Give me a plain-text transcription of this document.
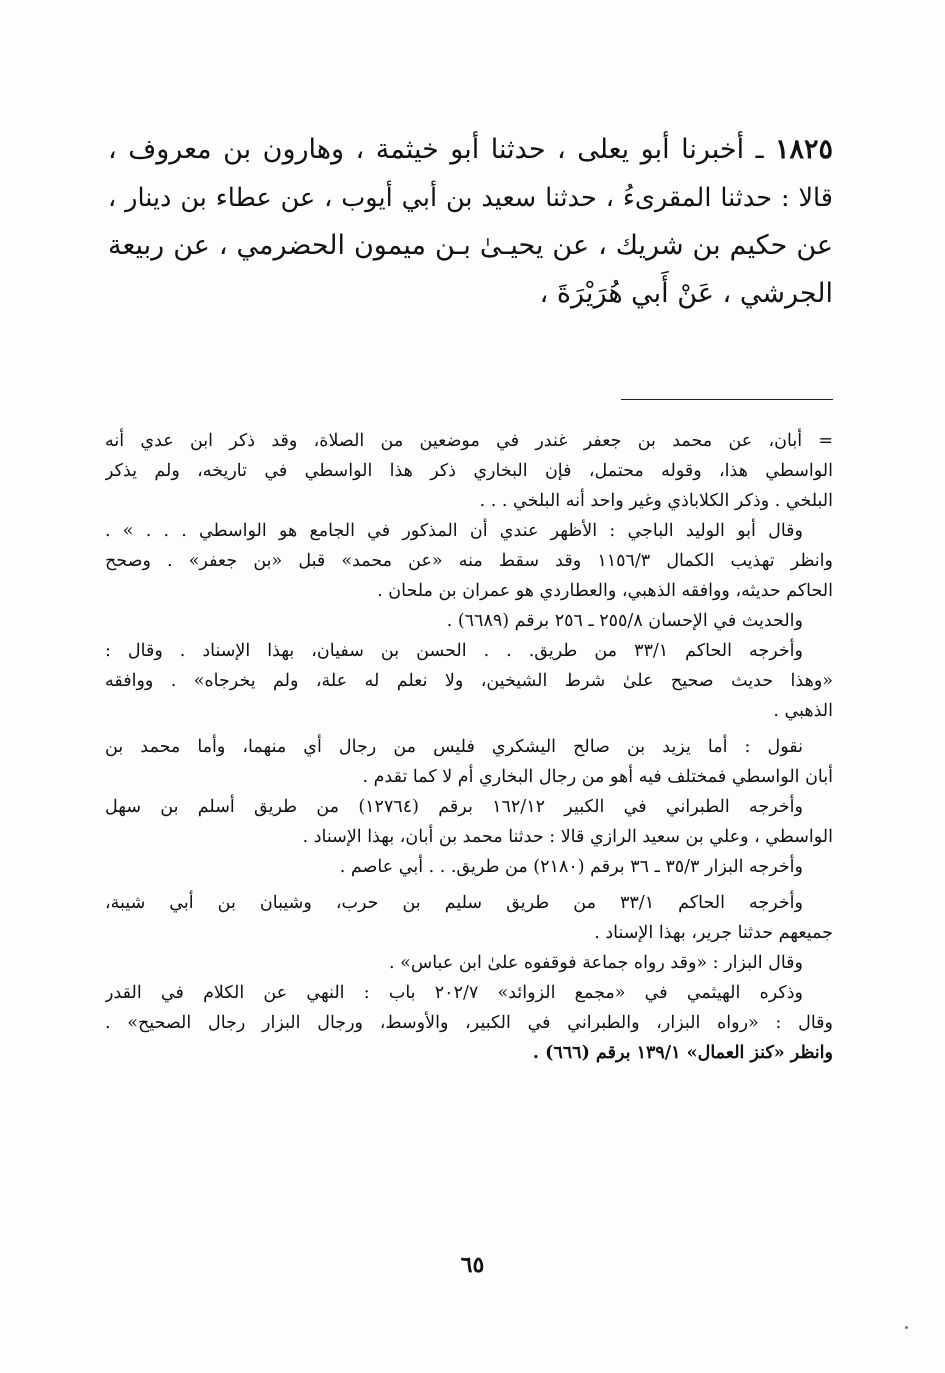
١٨٢٥ ـ أخبرنا أبو يعلى ، حدثنا أبو خيثمة ، وهارون بن معروف ،
قالا : حدثنا المقرىءُ ، حدثنا سعيد بن أبي أيوب ، عن عطاء بن دينار ،
عن حكيم بن شريك ، عن يحيـىٰ بـن ميمون الحضرمي ، عن ربيعة
الجرشي ، عَنْ أَبي هُرَيْرَةَ ،
= أبان، عن محمد بن جعفر غندر في موضعين من الصلاة، وقد ذكر ابن عدي أنه
الواسطي هذا، وقوله محتمل، فإن البخاري ذكر هذا الواسطي في تاريخه، ولم يذكر
البلخي . وذكر الكلاباذي وغير واحد أنه البلخي . . .
وقال أبو الوليد الباجي : الأظهر عندي أن المذكور في الجامع هو الواسطي . . . » .
وانظر تهذيب الكمال ١١٥٦/٣ وقد سقط منه «عن محمد» قبل «بن جعفر» . وصحح
الحاكم حديثه، ووافقه الذهبي، والعطاردي هو عمران بن ملحان .
والحديث في الإحسان ٢٥٥/٨ ـ ٢٥٦ برقم (٦٦٨٩) .
وأخرجه الحاكم ٣٣/١ من طريق. . . الحسن بن سفيان، بهذا الإسناد . وقال :
«وهذا حديث صحيح علىٰ شرط الشيخين، ولا نعلم له علة، ولم يخرجاه» . ووافقه
الذهبي .
نقول : أما يزيد بن صالح اليشكري فليس من رجال أي منهما، وأما محمد بن
أبان الواسطي فمختلف فيه أهو من رجال البخاري أم لا كما تقدم .
وأخرجه الطبراني في الكبير ١٦٢/١٢ برقم (١٢٧٦٤) من طريق أسلم بن سهل
الواسطي ، وعلي بن سعيد الرازي قالا : حدثنا محمد بن أبان، بهذا الإسناد .
وأخرجه البزار ٣٥/٣ ـ ٣٦ برقم (٢١٨٠) من طريق. . . أبي عاصم .
وأخرجه الحاكم ٣٣/١ من طريق سليم بن حرب، وشيبان بن أبي شيبة،
جميعهم حدثنا جرير، بهذا الإسناد .
وقال البزار : «وقد رواه جماعة فوقفوه علىٰ ابن عباس» .
وذكره الهيثمي في «مجمع الزوائد» ٢٠٢/٧ باب : النهي عن الكلام في القدر
وقال : «رواه البزار، والطبراني في الكبير، والأوسط، ورجال البزار رجال الصحيح» .
وانظر «كنز العمال» ١٣٩/١ برقم (٦٦٦) .
٦٥
